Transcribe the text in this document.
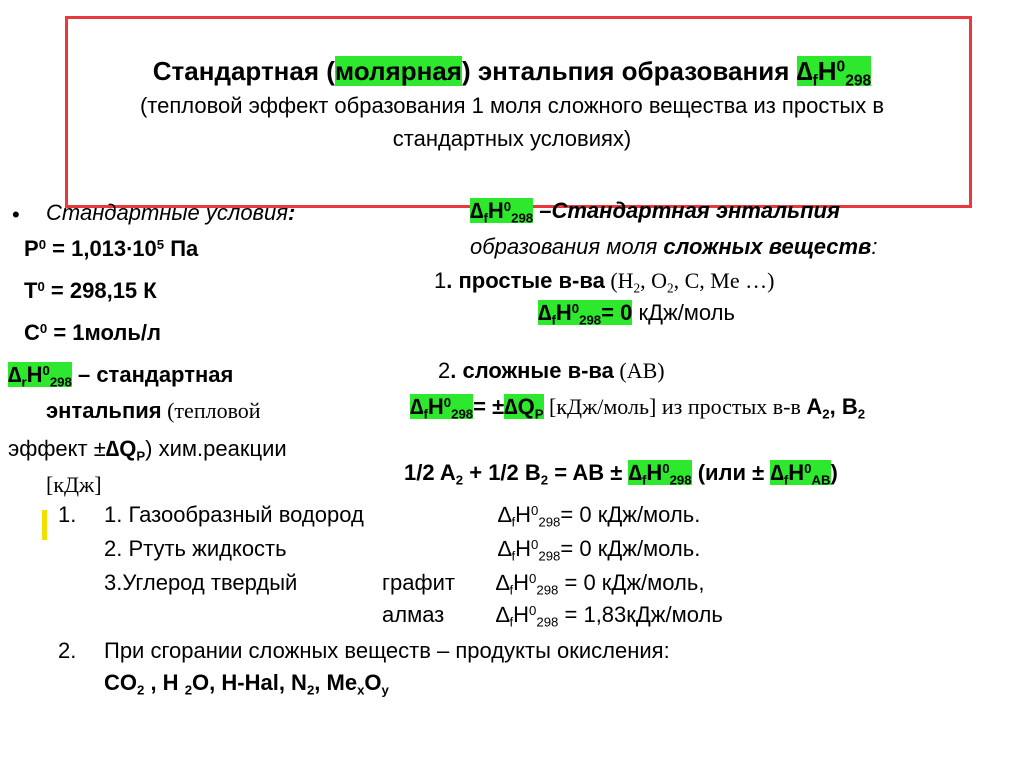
Стандартная (молярная) энтальпия образования $\Delta_fH^0_{298}$
(тепловой эффект образования 1 моля сложного вещества из простых в
стандартных условиях)
• Стандартные условия:
$Р^0 = 1,013\cdot 10^5$ Па
$Т^0 = 298,15$ К
$С^0$ = 1моль/л
$\Delta_rH^0_{298}$ – стандартная
энтальпия (тепловой
эффект $\pm\Delta Q_P$) хим.реакции
[кДж]
$\Delta_fH^0_{298}$ –Стандартная энтальпия
образования моля сложных веществ:
1. простые в-ва ($H_2$, $O_2$, C, Me …)
$\Delta_fH^0_{298}= 0$ кДж/моль
2. сложные в-ва (АВ)
$\Delta_fH^0_{298}= \pm\Delta Q_P$ [кДж/моль] из простых в-в $A_2$, $B_2$
1/2 $A_2 + 1/2$ $B_2$ = AB ± $\Delta_fH^0_{298}$ $(или \pm \Delta_fH^0_{AB})$
1. 1. Газообразный водород	$\Delta_fH^0_{298}= 0$ кДж/моль.
2. Ртуть жидкость	$\Delta_fH^0_{298}= 0$ кДж/моль.
3.Углерод твердый	графит $\Delta_fH^0_{298} = 0$ кДж/моль,
алмаз $\Delta_fH^0_{298}$ = 1,83кДж/моль
2. При сгорании сложных веществ – продукты окисления:
$CO_2$ , H $_2$O, H-Hal, $N_2$, $Me_xO_y$
